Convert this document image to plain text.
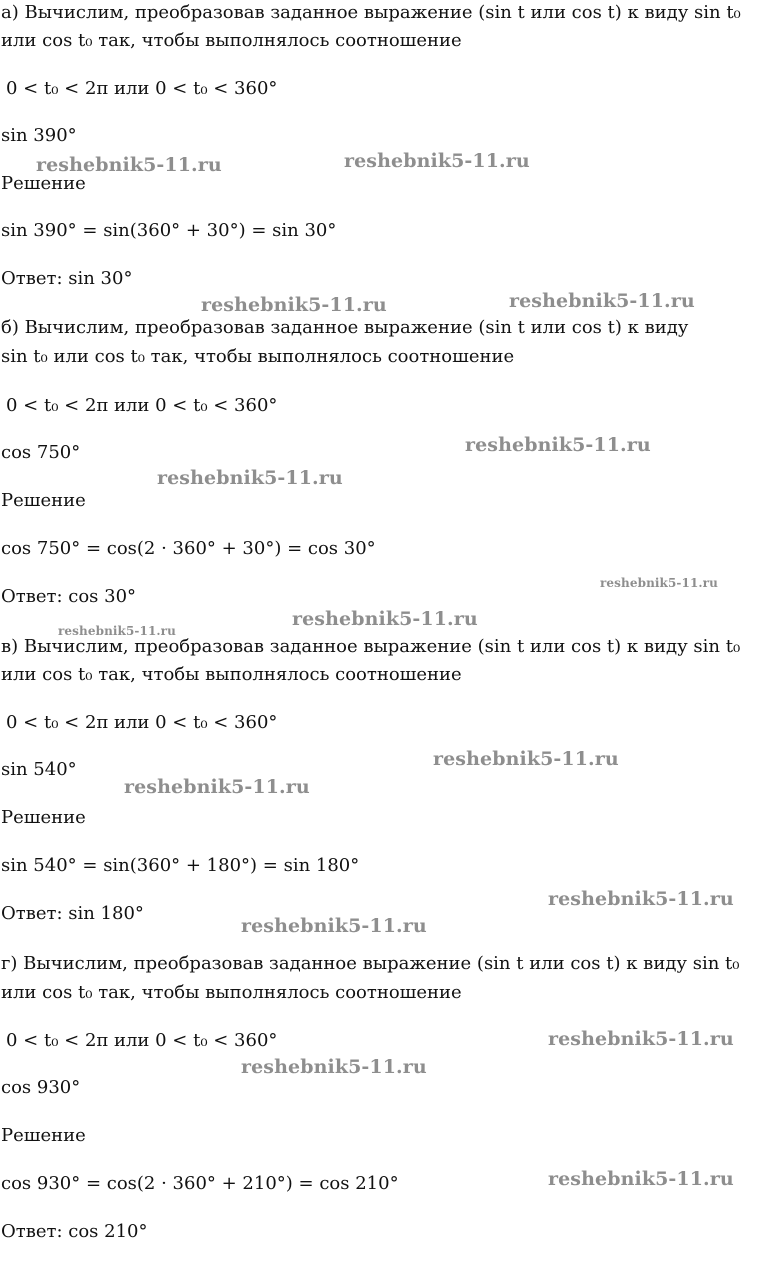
а) Вычислим, преобразовав заданное выражение (sin t или cos t) к виду sin t₀
или cos t₀ так, чтобы выполнялось соотношение
0 < t₀ < 2π или 0 < t₀ < 360°
sin 390°
Решение
sin 390° = sin(360° + 30°) = sin 30°
Ответ: sin 30°
б) Вычислим, преобразовав заданное выражение (sin t или cos t) к виду
sin t₀ или cos t₀ так, чтобы выполнялось соотношение
0 < t₀ < 2π или 0 < t₀ < 360°
cos 750°
Решение
cos 750° = cos(2 · 360° + 30°) = cos 30°
Ответ: cos 30°
в) Вычислим, преобразовав заданное выражение (sin t или cos t) к виду sin t₀
или cos t₀ так, чтобы выполнялось соотношение
0 < t₀ < 2π или 0 < t₀ < 360°
sin 540°
Решение
sin 540° = sin(360° + 180°) = sin 180°
Ответ: sin 180°
г) Вычислим, преобразовав заданное выражение (sin t или cos t) к виду sin t₀
или cos t₀ так, чтобы выполнялось соотношение
0 < t₀ < 2π или 0 < t₀ < 360°
cos 930°
Решение
cos 930° = cos(2 · 360° + 210°) = cos 210°
Ответ: cos 210°
reshebnik5-11.ru	reshebnik5-11.ru
reshebnik5-11.ru	reshebnik5-11.ru
reshebnik5-11.ru
reshebnik5-11.ru
reshebnik5-11.ru
reshebnik5-11.ru
reshebnik5-11.ru
reshebnik5-11.ru
reshebnik5-11.ru
reshebnik5-11.ru
reshebnik5-11.ru
reshebnik5-11.ru
reshebnik5-11.ru
reshebnik5-11.ru
